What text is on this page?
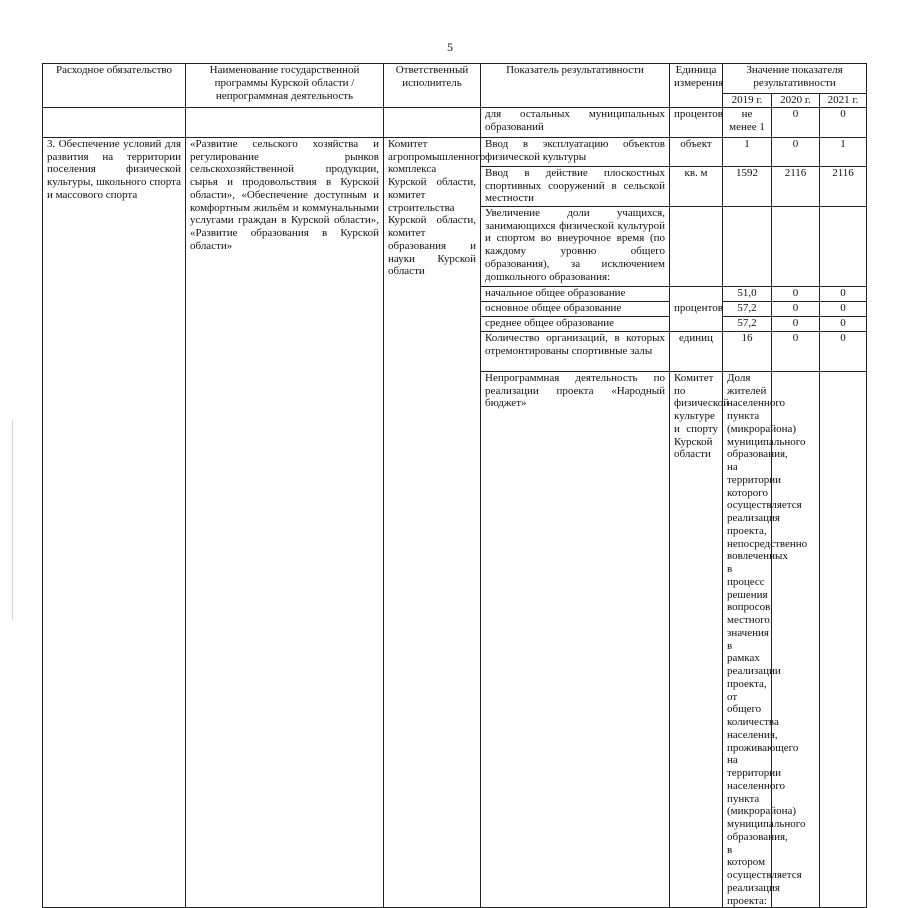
5
Расходное обязательство	Наименование государственной программы Курской области / непрограммная деятельность	Ответственный исполнитель	Показатель результативности	Единица измерения	Значение показателя результативности			
					2019 г.	2020 г.	2021 г.	
			для остальных муниципальных образований	процентов	не менее 1	0	0	
3. Обеспечение условий для развития на территории поселения физической культуры, школьного спорта и массового спорта	«Развитие сельского хозяйства и регулирование рынков сельскохозяйственной продукции, сырья и продовольствия в Курской области», «Обеспечение доступным и комфортным жильём и коммунальными услугами граждан в Курской области», «Развитие образования в Курской области»	Комитет агропромышленного комплекса Курской области, комитет строительства Курской области, комитет образования и науки Курской области	Ввод в эксплуатацию объектов физической культуры	объект	1	0	1	
			Ввод в действие плоскостных спортивных сооружений в сельской местности	кв. м	1592	2116	2116	
			Увеличение доли учащихся, занимающихся физической культурой и спортом во внеурочное время (по каждому уровню общего образования), за исключением дошкольного образования:					
			начальное общее образование	процентов	51,0	0	0	
			основное общее образование		57,2	0	0	
			среднее общее образование		57,2	0	0	
			Количество организаций, в которых отремонтированы спортивные залы	единиц	16	0	0	
			Непрограммная деятельность по реализации проекта «Народный бюджет»	Комитет по физической культуре и спорту Курской области	Доля жителей населенного пункта (микрорайона) муниципального образования, на территории которого осуществляется реализация проекта, непосредственно вовлеченных в процесс решения вопросов местного значения в рамках реализации проекта, от общего количества населения, проживающего на территории населенного пункта (микрорайона) муниципального образования, в котором осуществляется реализация проекта:				
